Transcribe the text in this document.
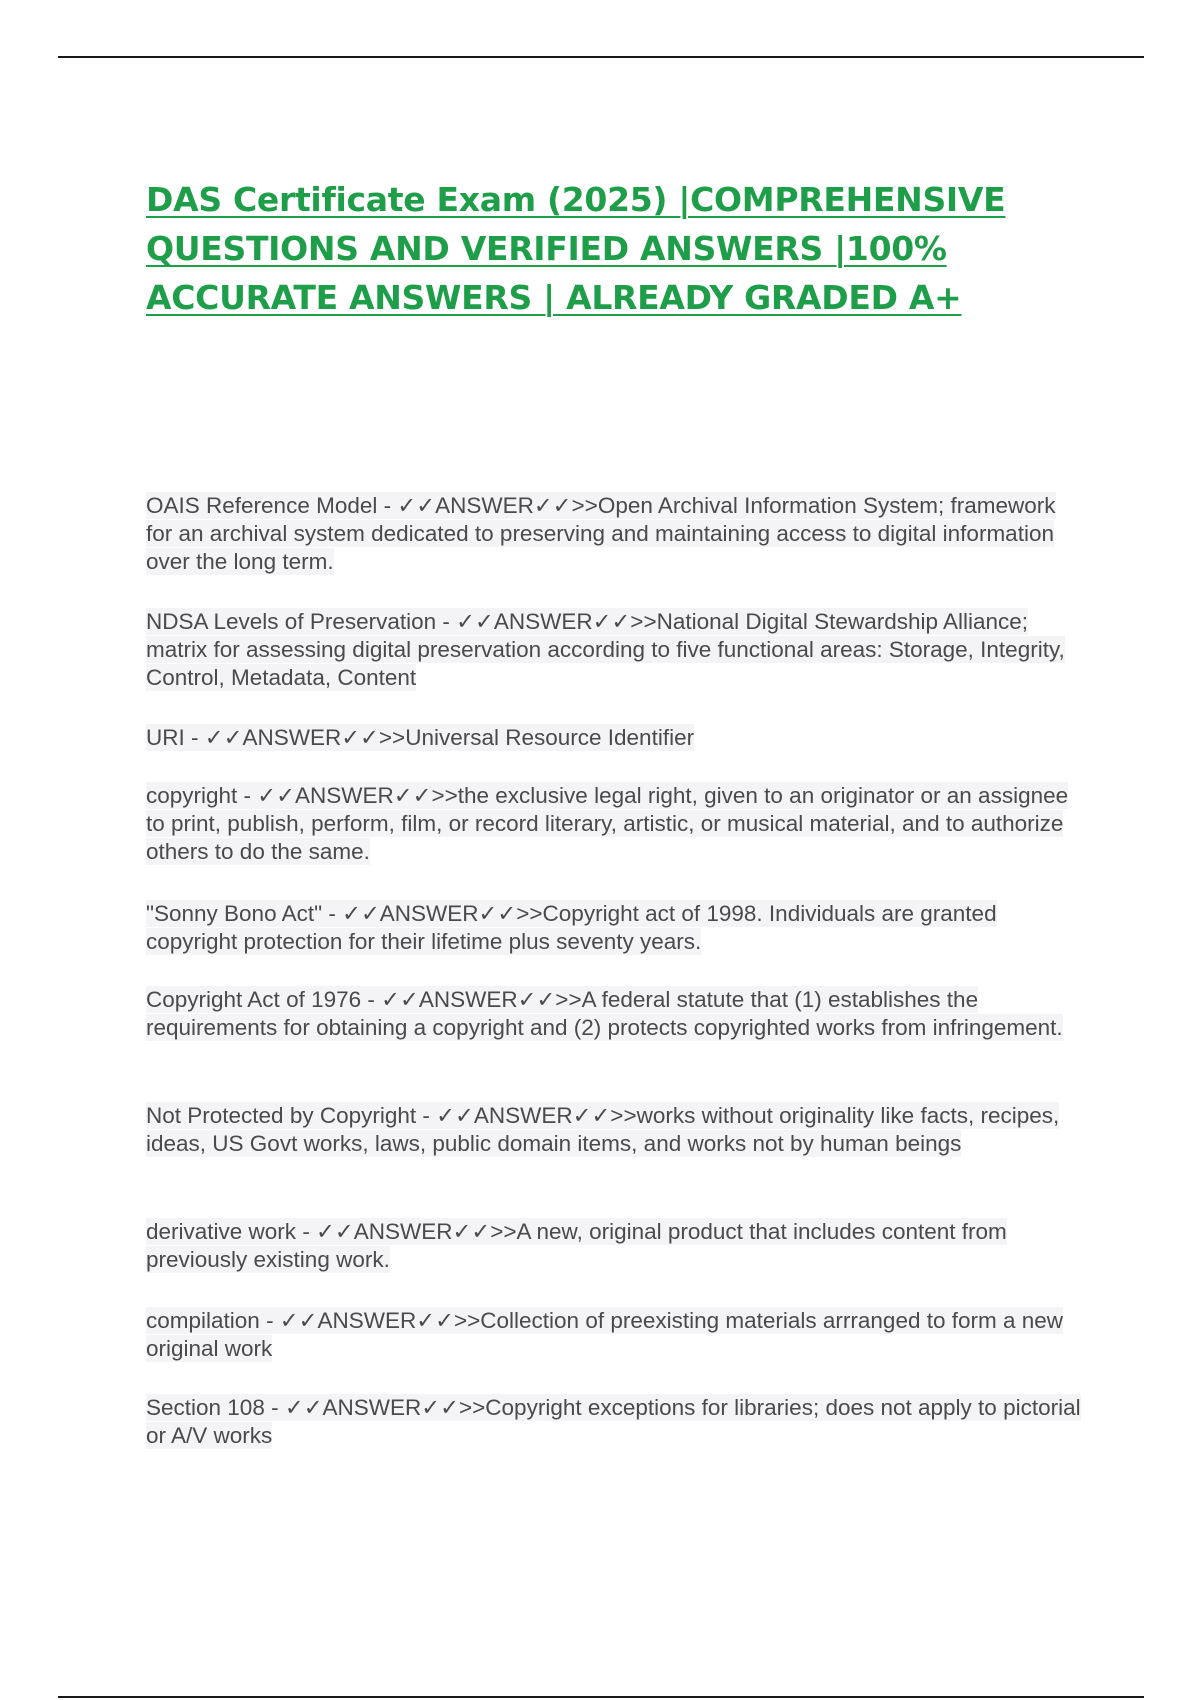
DAS Certificate Exam (2025) |COMPREHENSIVE QUESTIONS AND VERIFIED ANSWERS |100% ACCURATE ANSWERS | ALREADY GRADED A+
OAIS Reference Model - ✓✓ANSWER✓✓>>Open Archival Information System; framework for an archival system dedicated to preserving and maintaining access to digital information over the long term.
NDSA Levels of Preservation - ✓✓ANSWER✓✓>>National Digital Stewardship Alliance; matrix for assessing digital preservation according to five functional areas: Storage, Integrity, Control, Metadata, Content
URI - ✓✓ANSWER✓✓>>Universal Resource Identifier
copyright - ✓✓ANSWER✓✓>>the exclusive legal right, given to an originator or an assignee to print, publish, perform, film, or record literary, artistic, or musical material, and to authorize others to do the same.
"Sonny Bono Act" - ✓✓ANSWER✓✓>>Copyright act of 1998. Individuals are granted copyright protection for their lifetime plus seventy years.
Copyright Act of 1976 - ✓✓ANSWER✓✓>>A federal statute that (1) establishes the requirements for obtaining a copyright and (2) protects copyrighted works from infringement.
Not Protected by Copyright - ✓✓ANSWER✓✓>>works without originality like facts, recipes, ideas, US Govt works, laws, public domain items, and works not by human beings
derivative work - ✓✓ANSWER✓✓>>A new, original product that includes content from previously existing work.
compilation - ✓✓ANSWER✓✓>>Collection of preexisting materials arrranged to form a new original work
Section 108 - ✓✓ANSWER✓✓>>Copyright exceptions for libraries; does not apply to pictorial or A/V works
